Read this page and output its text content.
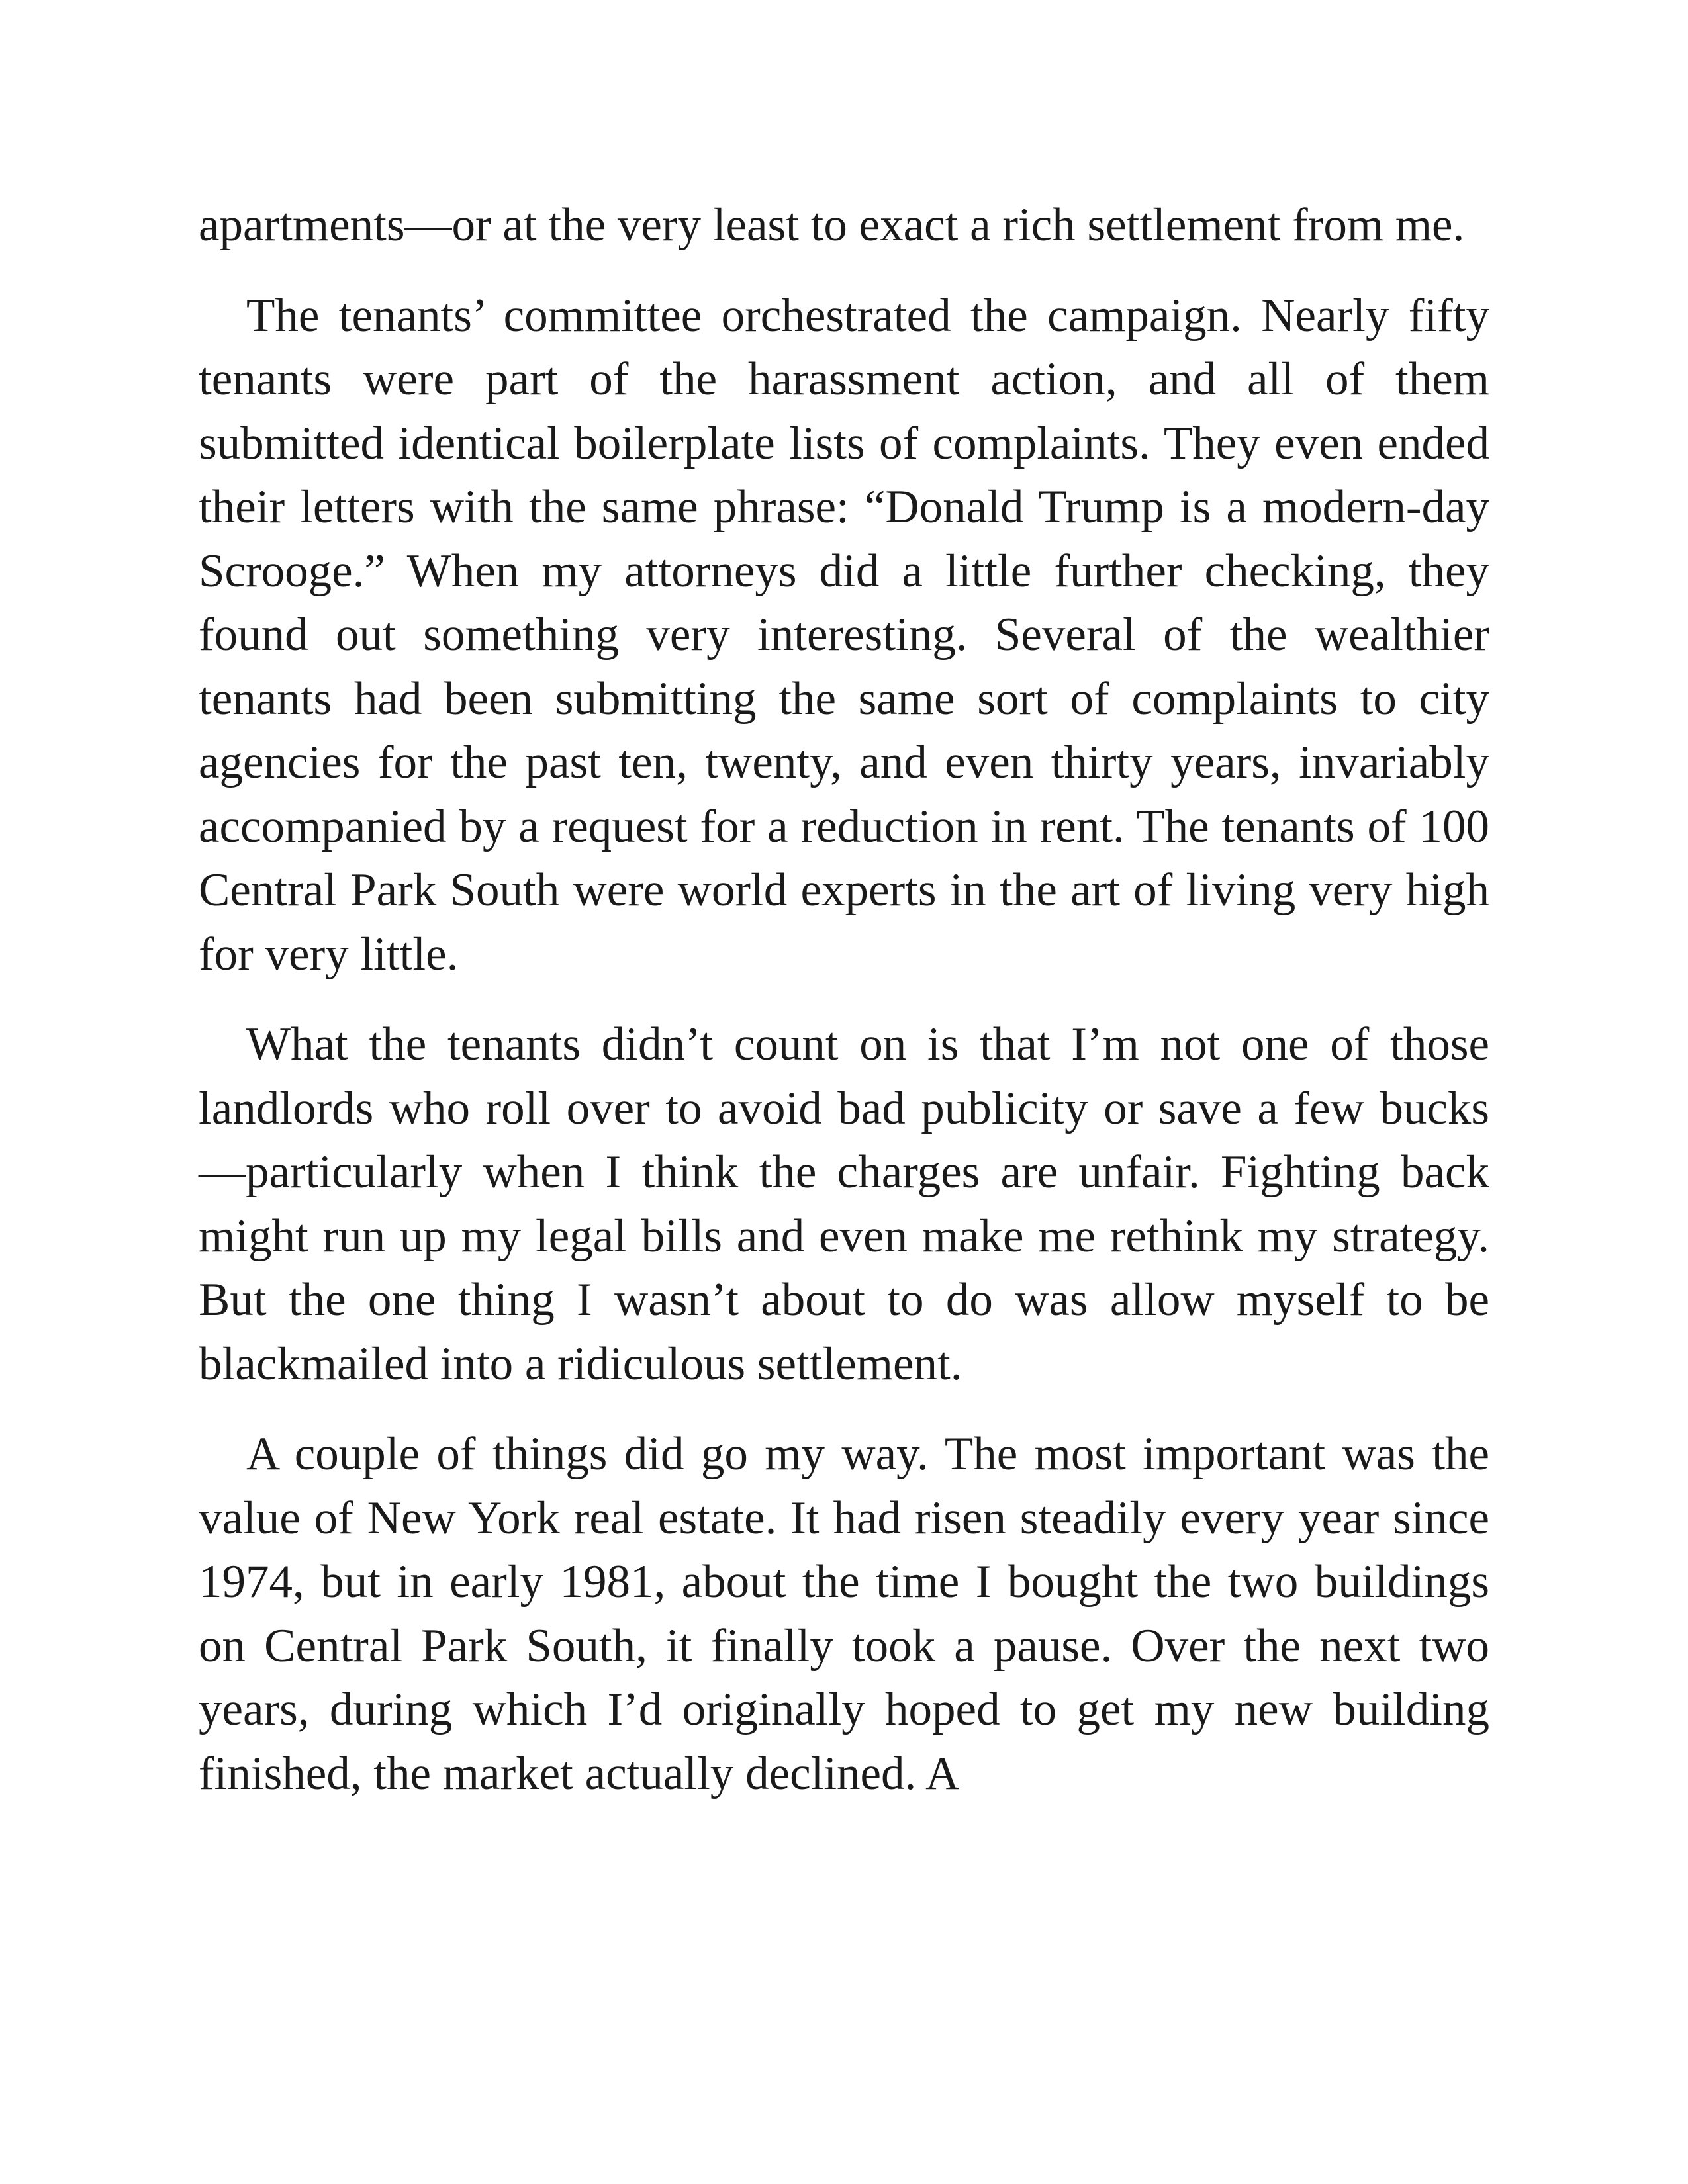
apartments—or at the very least to exact a rich settlement from me.

The tenants’ committee orchestrated the campaign. Nearly fifty tenants were part of the harassment action, and all of them submitted identical boilerplate lists of complaints. They even ended their letters with the same phrase: “Donald Trump is a modern-day Scrooge.” When my attorneys did a little further checking, they found out something very interesting. Several of the wealthier tenants had been submitting the same sort of complaints to city agencies for the past ten, twenty, and even thirty years, invariably accompanied by a request for a reduction in rent. The tenants of 100 Central Park South were world experts in the art of living very high for very little.

What the tenants didn’t count on is that I’m not one of those landlords who roll over to avoid bad publicity or save a few bucks—particularly when I think the charges are unfair. Fighting back might run up my legal bills and even make me rethink my strategy. But the one thing I wasn’t about to do was allow myself to be blackmailed into a ridiculous settlement.

A couple of things did go my way. The most important was the value of New York real estate. It had risen steadily every year since 1974, but in early 1981, about the time I bought the two buildings on Central Park South, it finally took a pause. Over the next two years, during which I’d originally hoped to get my new building finished, the market actually declined. A
